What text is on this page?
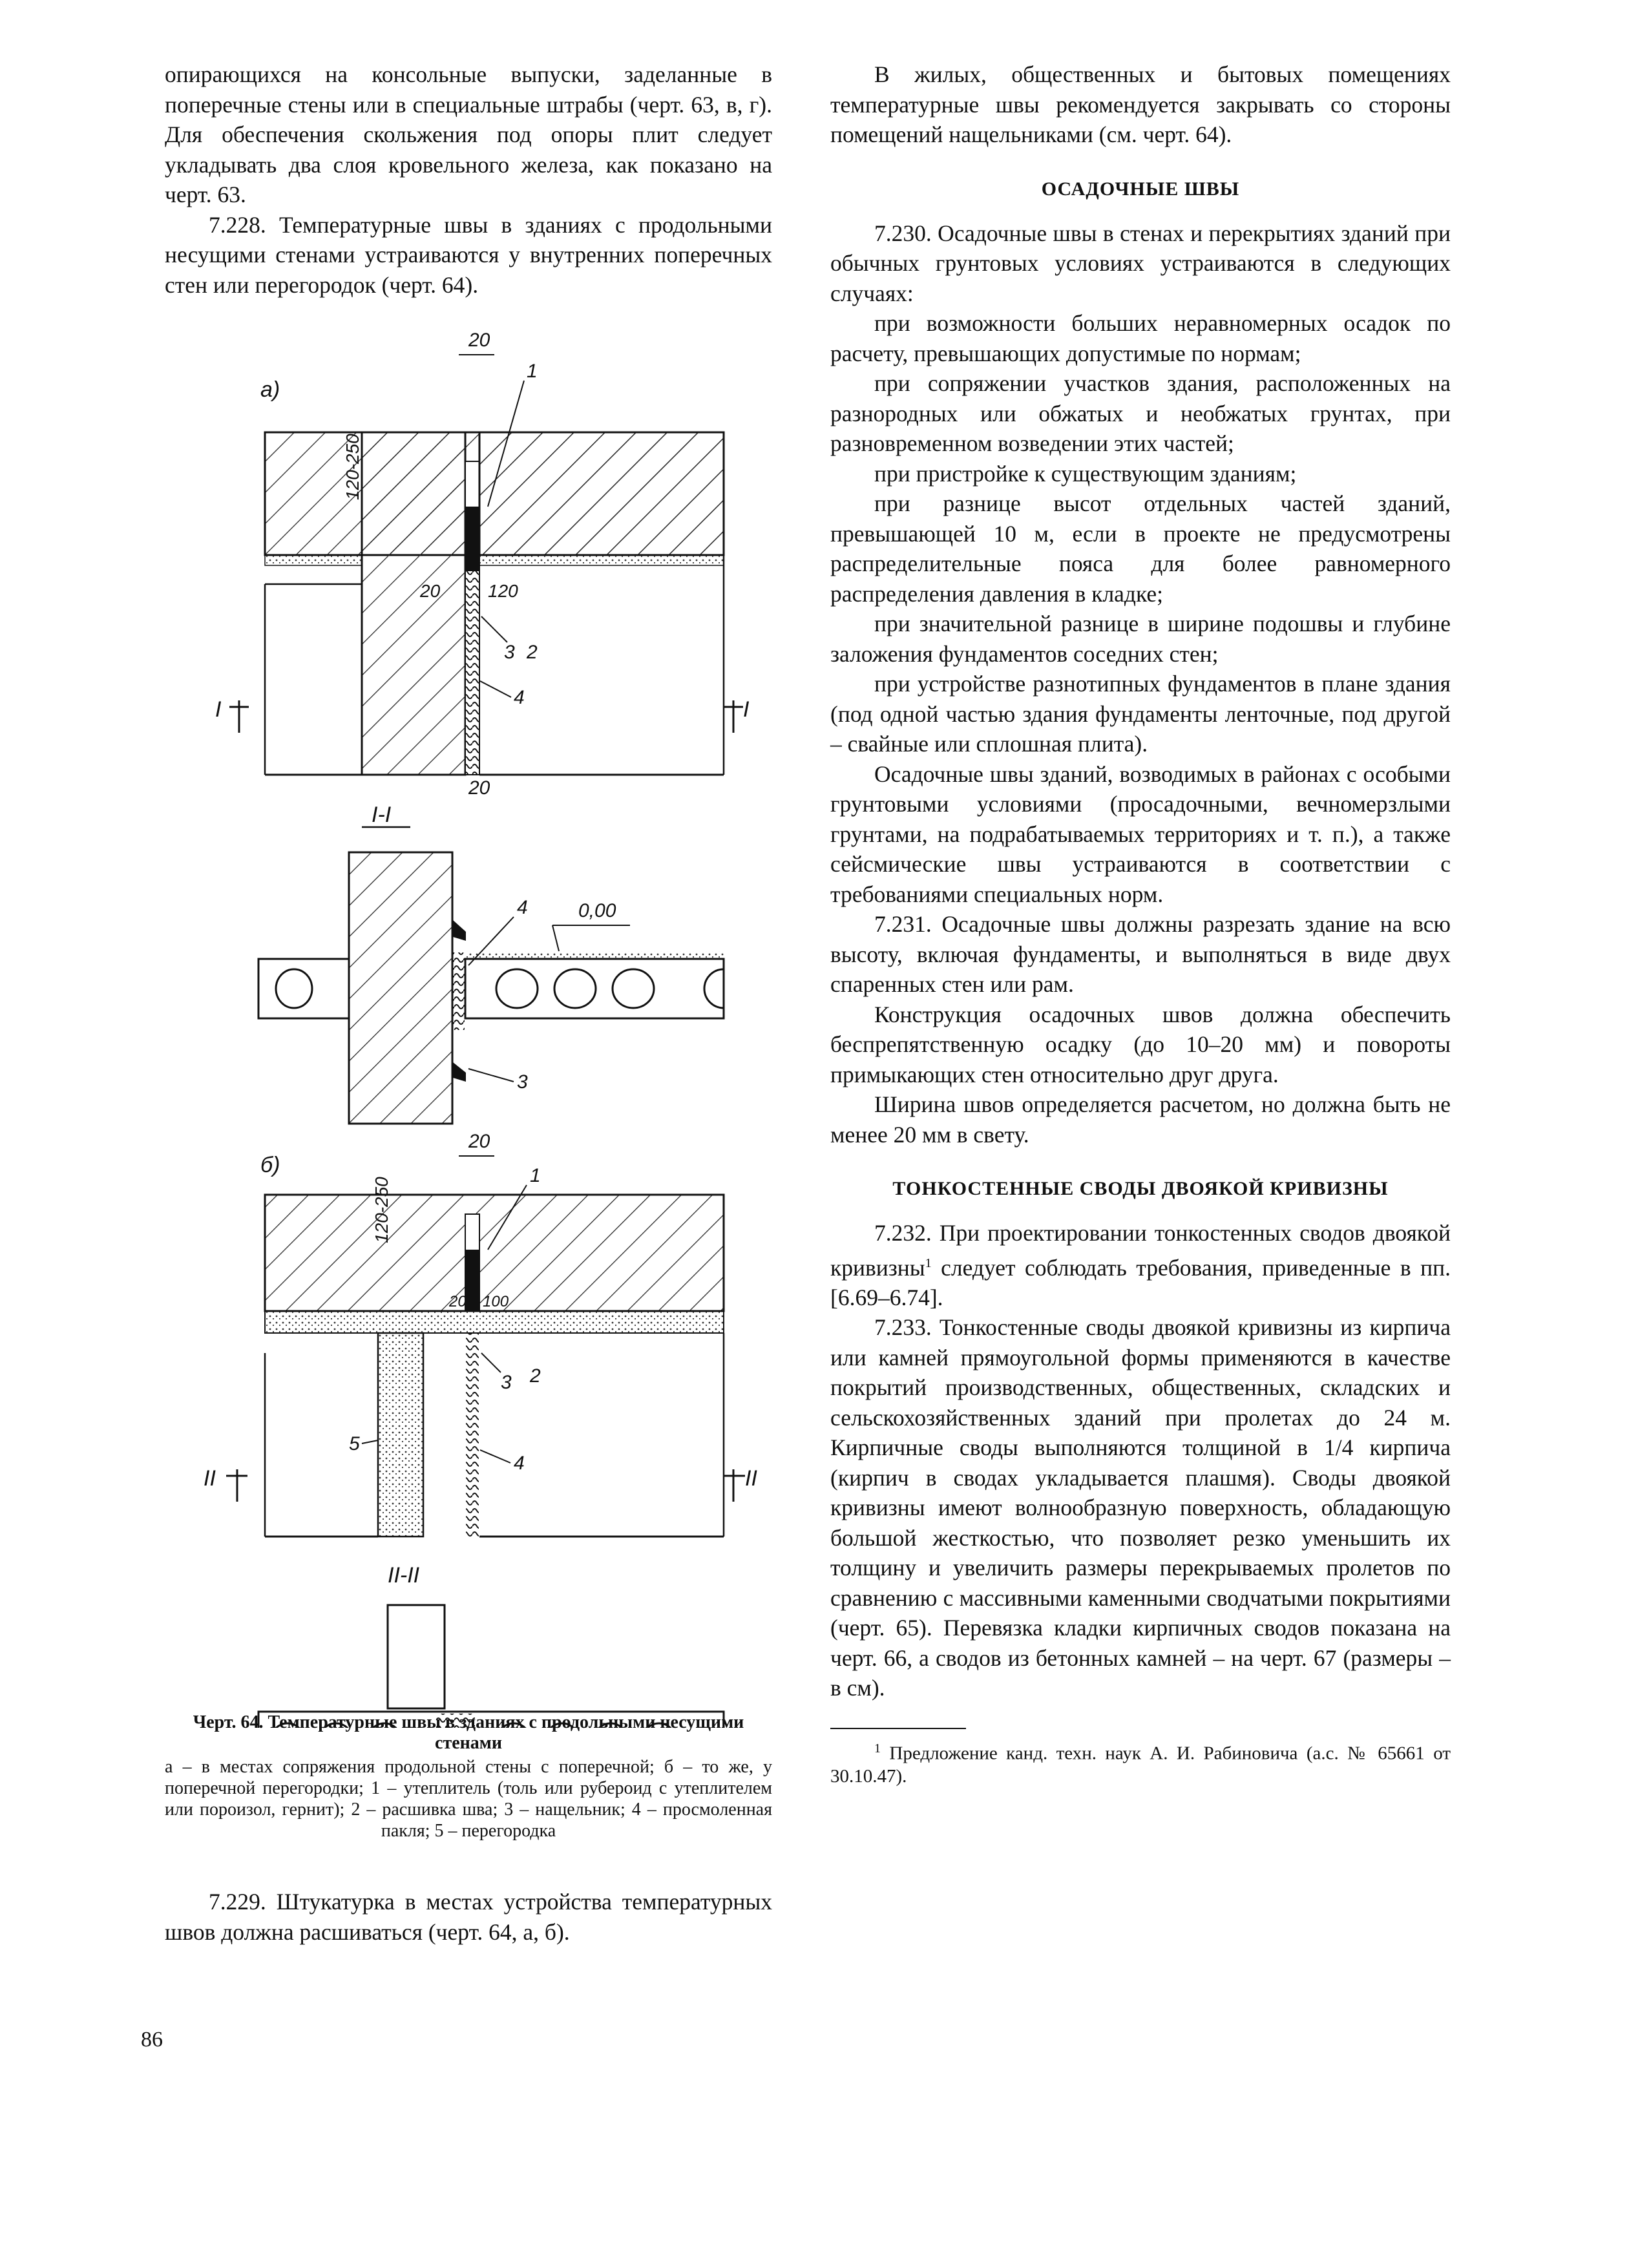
опирающихся на консольные выпуски, заделанные в поперечные стены или в специальные штрабы (черт. 63, в, г). Для обеспечения скольжения под опоры плит следует укладывать два слоя кровельного железа, как показано на черт. 63.

7.228. Температурные швы в зданиях с продольными несущими стенами устраиваются у внутренних поперечных стен или перегородок (черт. 64).

а)
I	I
20
120-250
20	120
20
1
2
3
4
I-I
0,00
4
3
б)
II	II
20
120-250
20 100
1
2
3
4
5
II-II

В жилых, общественных и бытовых помещениях температурные швы рекомендуется закрывать со стороны помещений нащельниками (см. черт. 64).

ОСАДОЧНЫЕ ШВЫ

7.230. Осадочные швы в стенах и перекрытиях зданий при обычных грунтовых условиях устраиваются в следующих случаях:

при возможности больших неравномерных осадок по расчету, превышающих допустимые по нормам;

при сопряжении участков здания, расположенных на разнородных или обжатых и необжатых грунтах, при разновременном возведении этих частей;

при пристройке к существующим зданиям;

при разнице высот отдельных частей зданий, превышающей 10 м, если в проекте не предусмотрены распределительные пояса для более равномерного распределения давления в кладке;

при значительной разнице в ширине подошвы и глубине заложения фундаментов соседних стен;

при устройстве разнотипных фундаментов в плане здания (под одной частью здания фундаменты ленточные, под другой – свайные или сплошная плита).

Осадочные швы зданий, возводимых в районах с особыми грунтовыми условиями (просадочными, вечномерзлыми грунтами, на подрабатываемых территориях и т. п.), а также сейсмические швы устраиваются в соответствии с требованиями специальных норм.

7.231. Осадочные швы должны разрезать здание на всю высоту, включая фундаменты, и выполняться в виде двух спаренных стен или рам.

Конструкция осадочных швов должна обеспечить беспрепятственную осадку (до 10–20 мм) и повороты примыкающих стен относительно друг друга.

Ширина швов определяется расчетом, но должна быть не менее 20 мм в свету.

ТОНКОСТЕННЫЕ СВОДЫ ДВОЯКОЙ КРИВИЗНЫ

7.232. При проектировании тонкостенных сводов двоякой кривизны$^1$ следует соблюдать требования, приведенные в пп. [6.69–6.74].

7.233. Тонкостенные своды двоякой кривизны из кирпича или камней прямоугольной формы применяются в качестве покрытий производственных, общественных, складских и сельскохозяйственных зданий при пролетах до 24 м. Кирпичные своды выполняются толщиной в 1/4 кирпича (кирпич в сводах укладывается плашмя). Своды двоякой кривизны имеют волнообразную поверхность, обладающую большой жесткостью, что позволяет резко уменьшить их толщину и увеличить размеры перекрываемых пролетов по сравнению с массивными каменными сводчатыми покрытиями (черт. 65). Перевязка кладки кирпичных сводов показана на черт. 66, а сводов из бетонных камней – на черт. 67 (размеры – в см).

$^1$ Предложение канд. техн. наук А. И. Рабиновича (а.с. № 65661 от 30.10.47).

Черт. 64. Температурные швы в зданиях с продольными несущими стенами
а – в местах сопряжения продольной стены с поперечной; б – то же, у поперечной перегородки; 1 – утеплитель (толь или рубероид с утеплителем или пороизол, гернит); 2 – расшивка шва; 3 – нащельник; 4 – просмоленная пакля; 5 – перегородка

7.229. Штукатурка в местах устройства температурных швов должна расшиваться (черт. 64, а, б).

86
